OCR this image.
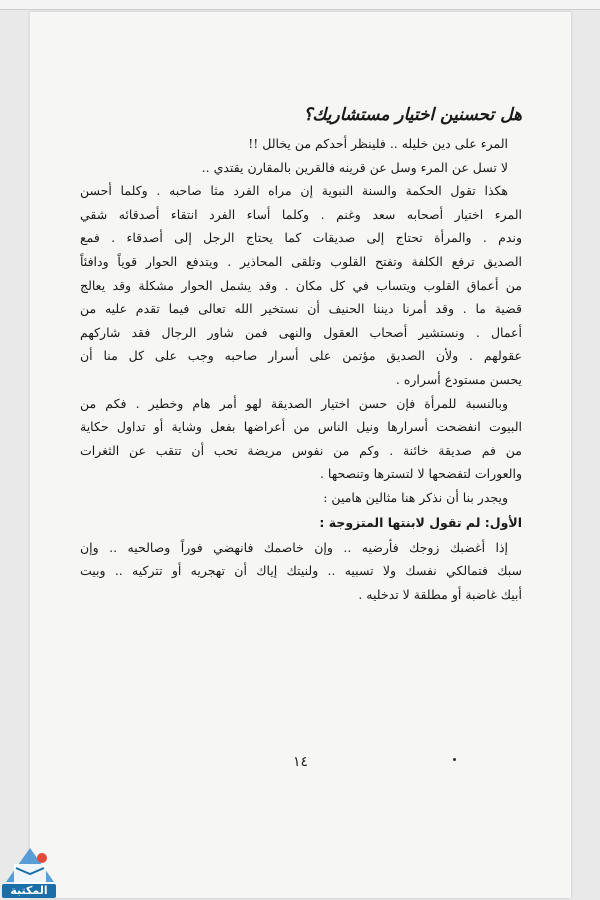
هل تحسنين اختيار مستشاريك؟
المرء على دين خليله .. فلينظر أحدكم من يخالل !!
لا تسل عن المرء وسل عن قرينه فالقرين بالمقارن يقتدي ..
هكذا تقول الحكمة والسنة النبوية إن مراه الفرد مثا صاحبه . وكلما أحسن
المرء اختيار أصحابه سعد وغنم . وكلما أساء الفرد انتقاء أصدقائه شقي
وندم . والمرأة تحتاج إلى صديقات كما يحتاج الرجل إلى أصدقاء . فمع
الصديق ترفع الكلفة وتفتح القلوب وتلقى المحاذير . ويتدفع الحوار قوياً ودافئاً
من أعماق القلوب ويتساب في كل مكان . وقد يشمل الحوار مشكلة وقد يعالج
قضية ما . وقد أمرنا ديننا الحنيف أن نستخير الله تعالى فيما تقدم عليه من
أعمال . ونستشير أصحاب العقول والنهى فمن شاور الرجال فقد شاركهم
عقولهم . ولأن الصديق مؤتمن على أسرار صاحبه وجب على كل منا أن
يحسن مستودع أسراره .
وبالنسبة للمرأة فإن حسن اختيار الصديقة لهو أمر هام وخطير . فكم من
البيوت انفضحت أسرارها ونيل الناس من أعراضها بفعل وشاية أو تداول حكاية
من فم صديقة خائنة . وكم من نفوس مريضة تحب أن تتقب عن الثغرات
والعورات لتفضحها لا لتسترها وتنصحها .
ويجدر بنا أن نذكر هنا مثالين هامين :
الأول: لم تقول لابنتها المتزوجة :
إذا أغضبك زوجك فأرضيه .. وإن خاصمك فانهضي فوراً وصالحيه .. وإن
سبك فتمالكي نفسك ولا تسبيه .. ولنيتك إياك أن تهجريه أو تتركيه .. وبيت
أبيك غاضبة أو مطلقة لا تدخليه .
١٤
المكتبة
